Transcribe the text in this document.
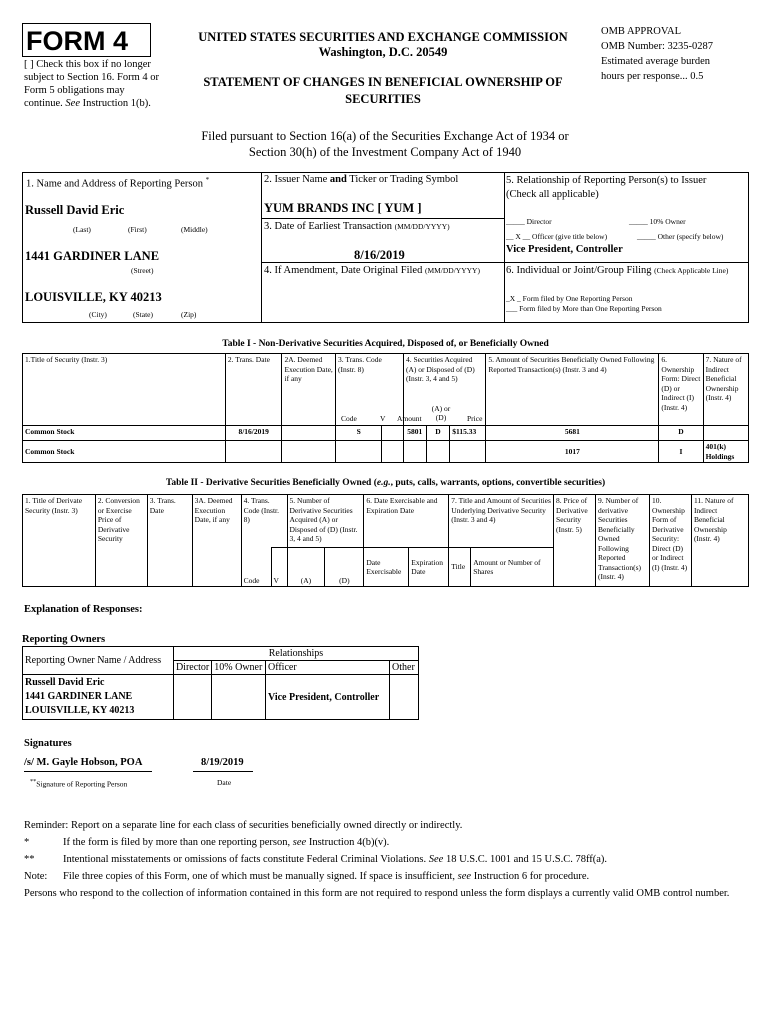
FORM 4
[ ] Check this box if no longer
subject to Section 16. Form 4 or
Form 5 obligations may
continue. See Instruction 1(b).
UNITED STATES SECURITIES AND EXCHANGE COMMISSION
Washington, D.C. 20549
STATEMENT OF CHANGES IN BENEFICIAL OWNERSHIP OF
SECURITIES
OMB APPROVAL
OMB Number: 3235-0287
Estimated average burden
hours per response... 0.5
Filed pursuant to Section 16(a) of the Securities Exchange Act of 1934 or
Section 30(h) of the Investment Company Act of 1940
1. Name and Address of Reporting Person *
Russell David Eric
(Last)	(First)	(Middle)
1441 GARDINER LANE
(Street)
LOUISVILLE, KY 40213
(City)	(State)	(Zip)
2. Issuer Name and Ticker or Trading Symbol
YUM BRANDS INC [ YUM ]
3. Date of Earliest Transaction (MM/DD/YYYY)
8/16/2019
4. If Amendment, Date Original Filed (MM/DD/YYYY)
5. Relationship of Reporting Person(s) to Issuer
(Check all applicable)
_____ Director	_____ 10% Owner
__ X __ Officer (give title below)	_____ Other (specify below)
Vice President, Controller
6. Individual or Joint/Group Filing (Check Applicable Line)
_X _ Form filed by One Reporting Person
___ Form filed by More than One Reporting Person
Table I - Non-Derivative Securities Acquired, Disposed of, or Beneficially Owned
1.Title of Security (Instr. 3)	2. Trans. Date	2A. Deemed Execution Date, if any	3. Trans. Code (Instr. 8)	4. Securities Acquired (A) or Disposed of (D) (Instr. 3, 4 and 5)	5. Amount of Securities Beneficially Owned Following Reported Transaction(s) (Instr. 3 and 4)	6. Ownership Form: Direct (D) or Indirect (I) (Instr. 4)	7. Nature of Indirect Beneficial Ownership (Instr. 4)

Code	V Amount
(A) or (D)	Price
Common Stock	8/16/2019		S		5801	D	$115.33	5681	D	
Common Stock								1017	I	401(k) Holdings
Table II - Derivative Securities Beneficially Owned (e.g., puts, calls, warrants, options, convertible securities)
1. Title of Derivate Security (Instr. 3)	2. Conversion or Exercise Price of Derivative Security	3. Trans. Date	3A. Deemed Execution Date, if any	4. Trans. Code (Instr. 8)		5. Number of Derivative Securities Acquired (A) or Disposed of (D) (Instr. 3, 4 and 5)		6. Date Exercisable and Expiration Date		7. Title and Amount of Securities Underlying Derivative Security (Instr. 3 and 4)		8. Price of Derivative Security (Instr. 5)	9. Number of derivative Securities Beneficially Owned Following Reported Transaction(s) (Instr. 4)	10. Ownership Form of Derivative Security: Direct (D) or Indirect (I) (Instr. 4)	11. Nature of Indirect Beneficial Ownership (Instr. 4)
				Code	V	(A)	(D)	Date Exercisable	Expiration Date	Title	Amount or Number of Shares				
Explanation of Responses:
Reporting Owners
Reporting Owner Name / Address	Relationships			
	Director	10% Owner	Officer	Other

Russell David Eric
1441 GARDINER LANE
LOUISVILLE, KY 40213			Vice President, Controller	
Signatures
/s/ M. Gayle Hobson, POA	8/19/2019
**Signature of Reporting Person	Date
Reminder: Report on a separate line for each class of securities beneficially owned directly or indirectly.
*	If the form is filed by more than one reporting person, see Instruction 4(b)(v).
**	Intentional misstatements or omissions of facts constitute Federal Criminal Violations. See 18 U.S.C. 1001 and 15 U.S.C. 78ff(a).
Note: File three copies of this Form, one of which must be manually signed. If space is insufficient, see Instruction 6 for procedure.
Persons who respond to the collection of information contained in this form are not required to respond unless the form displays a currently valid OMB control number.
